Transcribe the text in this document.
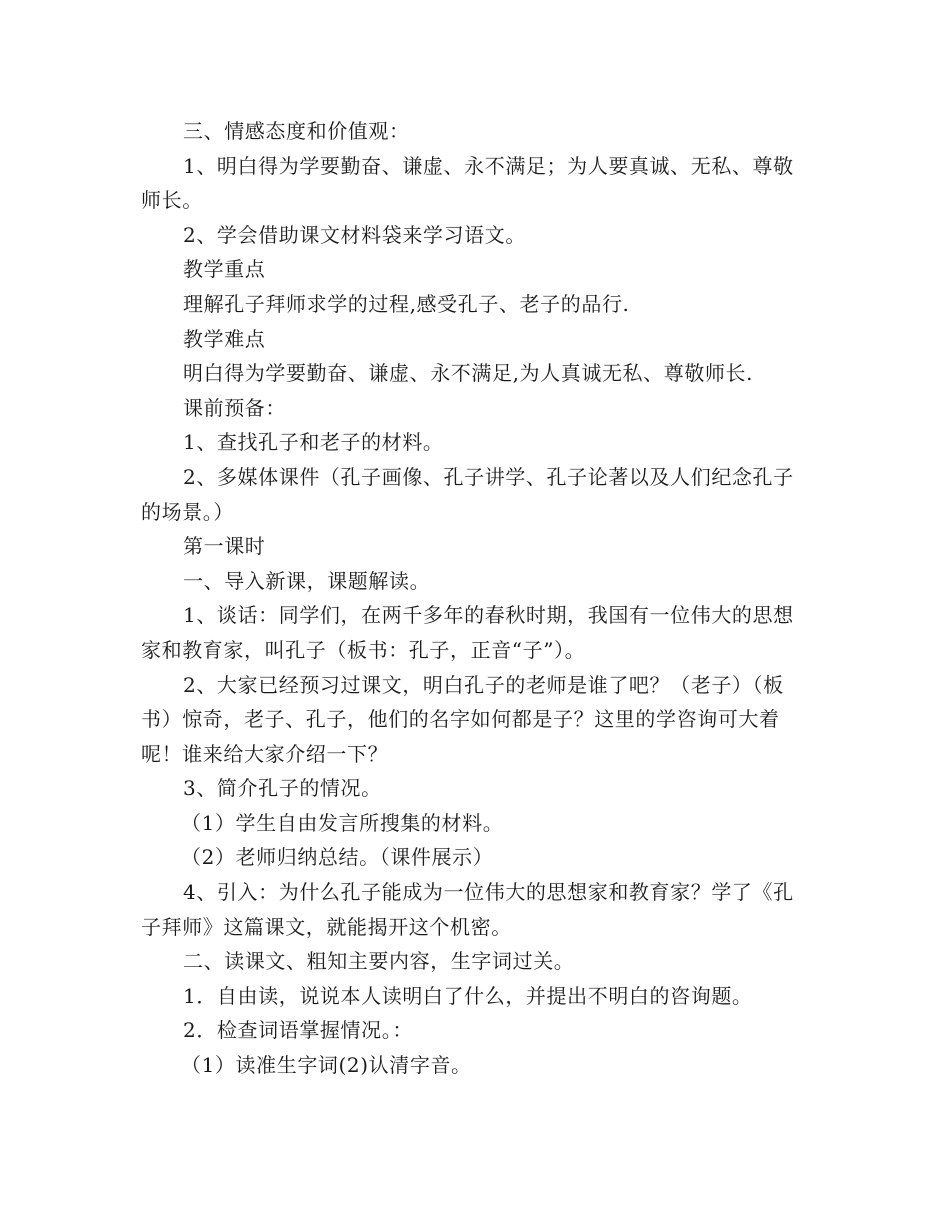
三、情感态度和价值观：

1、明白得为学要勤奋、谦虚、永不满足；为人要真诚、无私、尊敬师长。

2、学会借助课文材料袋来学习语文。

教学重点

理解孔子拜师求学的过程,感受孔子、老子的品行.

教学难点

明白得为学要勤奋、谦虚、永不满足,为人真诚无私、尊敬师长.

课前预备：

1、查找孔子和老子的材料。

2、多媒体课件（孔子画像、孔子讲学、孔子论著以及人们纪念孔子的场景。）

第一课时

一、导入新课，课题解读。

1、谈话：同学们，在两千多年的春秋时期，我国有一位伟大的思想家和教育家，叫孔子（板书：孔子，正音“子”）。

2、大家已经预习过课文，明白孔子的老师是谁了吧？（老子）（板书）惊奇，老子、孔子，他们的名字如何都是子？这里的学咨询可大着呢！谁来给大家介绍一下？

3、简介孔子的情况。

（1）学生自由发言所搜集的材料。

（2）老师归纳总结。（课件展示）

4、引入：为什么孔子能成为一位伟大的思想家和教育家？学了《孔子拜师》这篇课文，就能揭开这个机密。

二、读课文、粗知主要内容，生字词过关。

1．自由读，说说本人读明白了什么，并提出不明白的咨询题。

2．检查词语掌握情况。：

（1）读准生字词(2)认清字音。
